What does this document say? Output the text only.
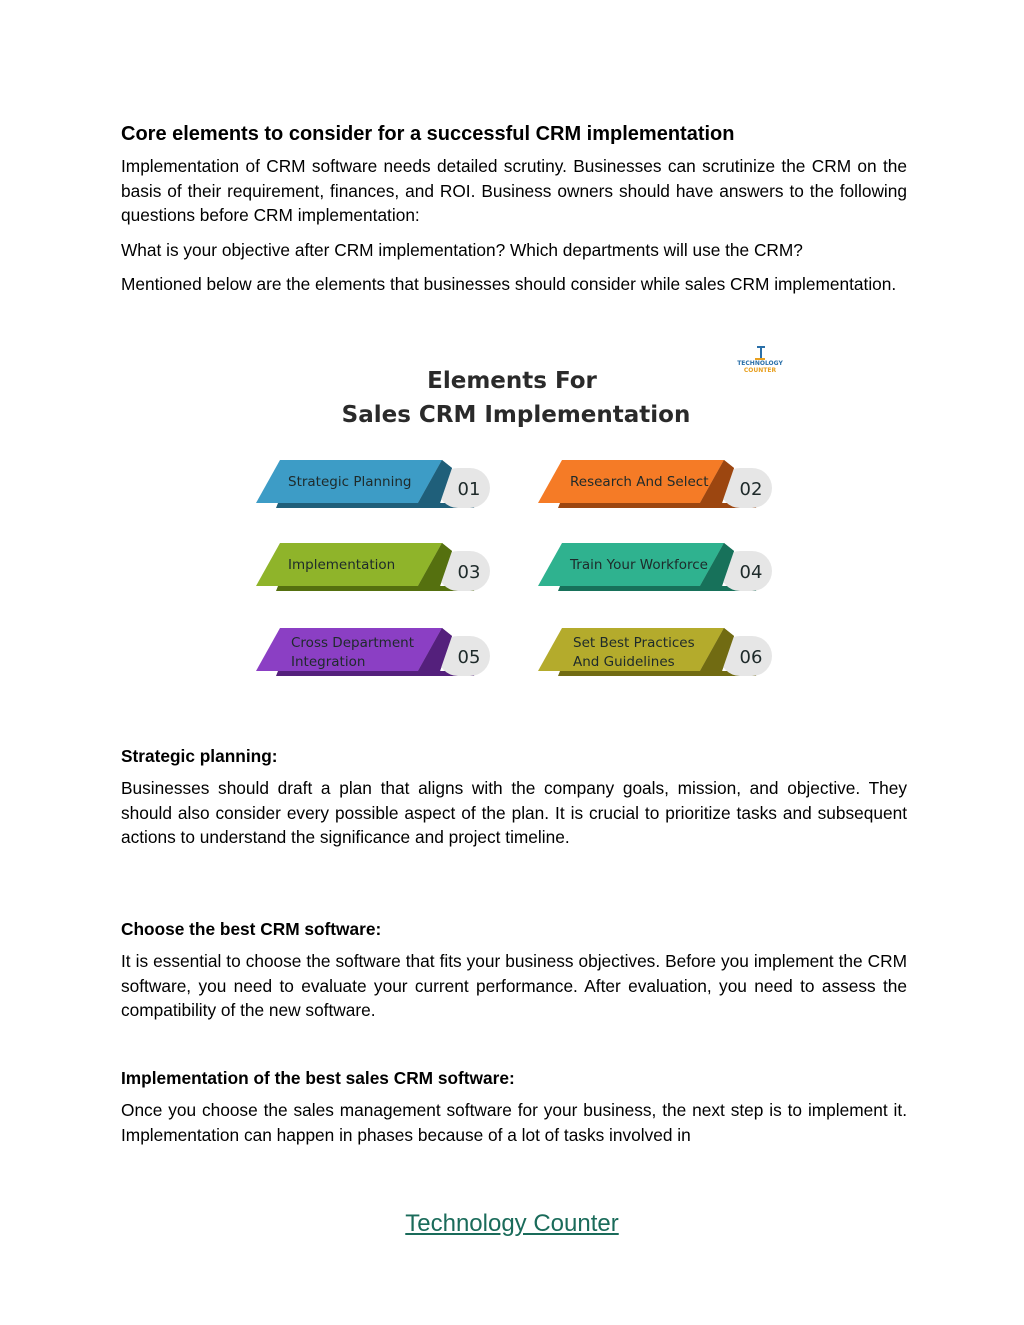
Core elements to consider for a successful CRM implementation
Implementation of CRM software needs detailed scrutiny. Businesses can scrutinize the CRM on the basis of their requirement, finances, and ROI. Business owners should have answers to the following questions before CRM implementation:
What is your objective after CRM implementation? Which departments will use the CRM?
Mentioned below are the elements that businesses should consider while sales CRM implementation.
TECHNOLOGY
COUNTER
Elements For
Sales CRM Implementation
01
Strategic Planning	02
Research And Select
03
Implementation	04
Train Your Workforce
05
Cross Department
Integration	06
Set Best Practices
And Guidelines
Strategic planning:
Businesses should draft a plan that aligns with the company goals, mission, and objective. They should also consider every possible aspect of the plan. It is crucial to prioritize tasks and subsequent actions to understand the significance and project timeline.
Choose the best CRM software:
It is essential to choose the software that fits your business objectives. Before you implement the CRM software, you need to evaluate your current performance. After evaluation, you need to assess the compatibility of the new software.
Implementation of the best sales CRM software:
Once you choose the sales management software for your business, the next step is to implement it. Implementation can happen in phases because of a lot of tasks involved in
Technology Counter
